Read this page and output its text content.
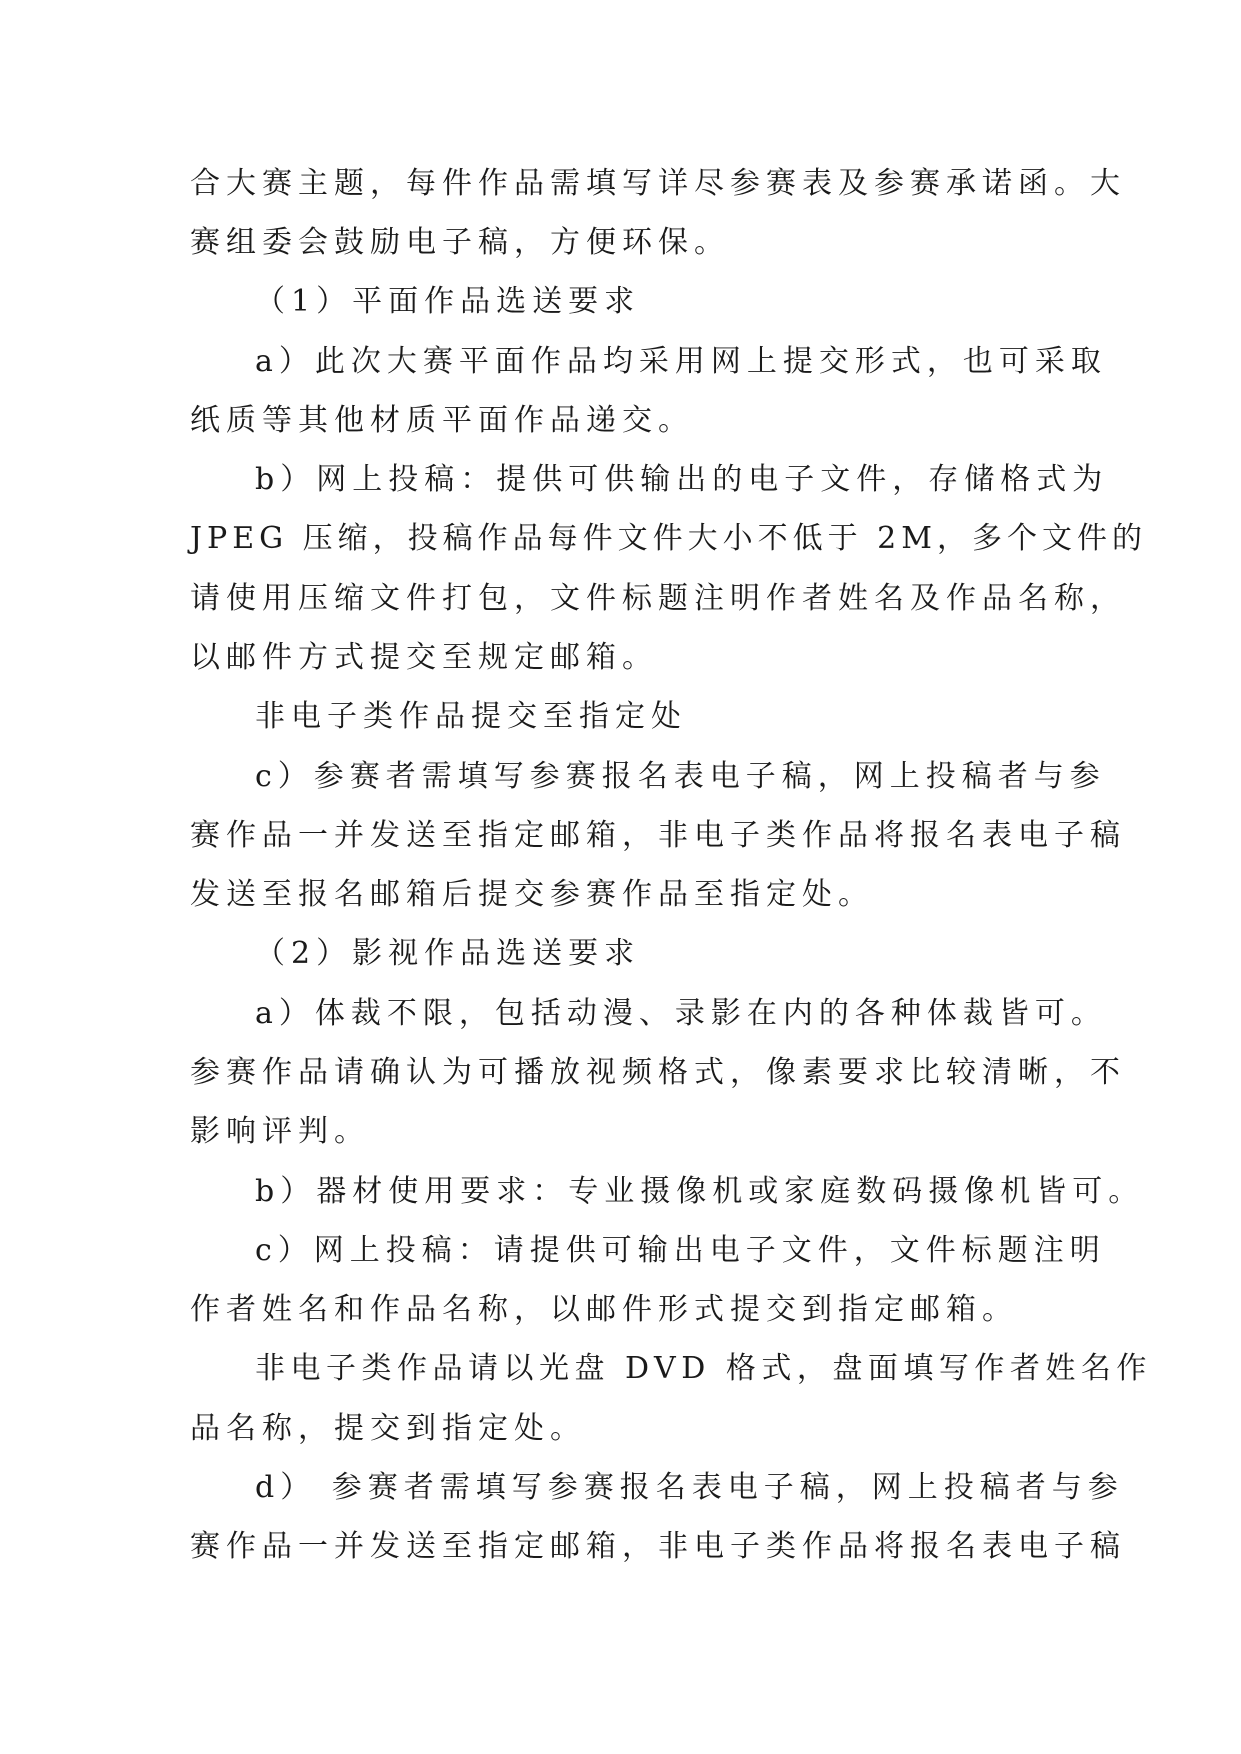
合大赛主题，每件作品需填写详尽参赛表及参赛承诺函。大
赛组委会鼓励电子稿，方便环保。
（1）平面作品选送要求
a）此次大赛平面作品均采用网上提交形式，也可采取
纸质等其他材质平面作品递交。
b）网上投稿：提供可供输出的电子文件，存储格式为
JPEG 压缩，投稿作品每件文件大小不低于 2M，多个文件的
请使用压缩文件打包，文件标题注明作者姓名及作品名称，
以邮件方式提交至规定邮箱。
非电子类作品提交至指定处
c）参赛者需填写参赛报名表电子稿，网上投稿者与参
赛作品一并发送至指定邮箱，非电子类作品将报名表电子稿
发送至报名邮箱后提交参赛作品至指定处。
（2）影视作品选送要求
a）体裁不限，包括动漫、录影在内的各种体裁皆可。
参赛作品请确认为可播放视频格式，像素要求比较清晰，不
影响评判。
b）器材使用要求：专业摄像机或家庭数码摄像机皆可。
c）网上投稿：请提供可输出电子文件，文件标题注明
作者姓名和作品名称，以邮件形式提交到指定邮箱。
非电子类作品请以光盘 DVD 格式，盘面填写作者姓名作
品名称，提交到指定处。
d） 参赛者需填写参赛报名表电子稿，网上投稿者与参
赛作品一并发送至指定邮箱，非电子类作品将报名表电子稿
